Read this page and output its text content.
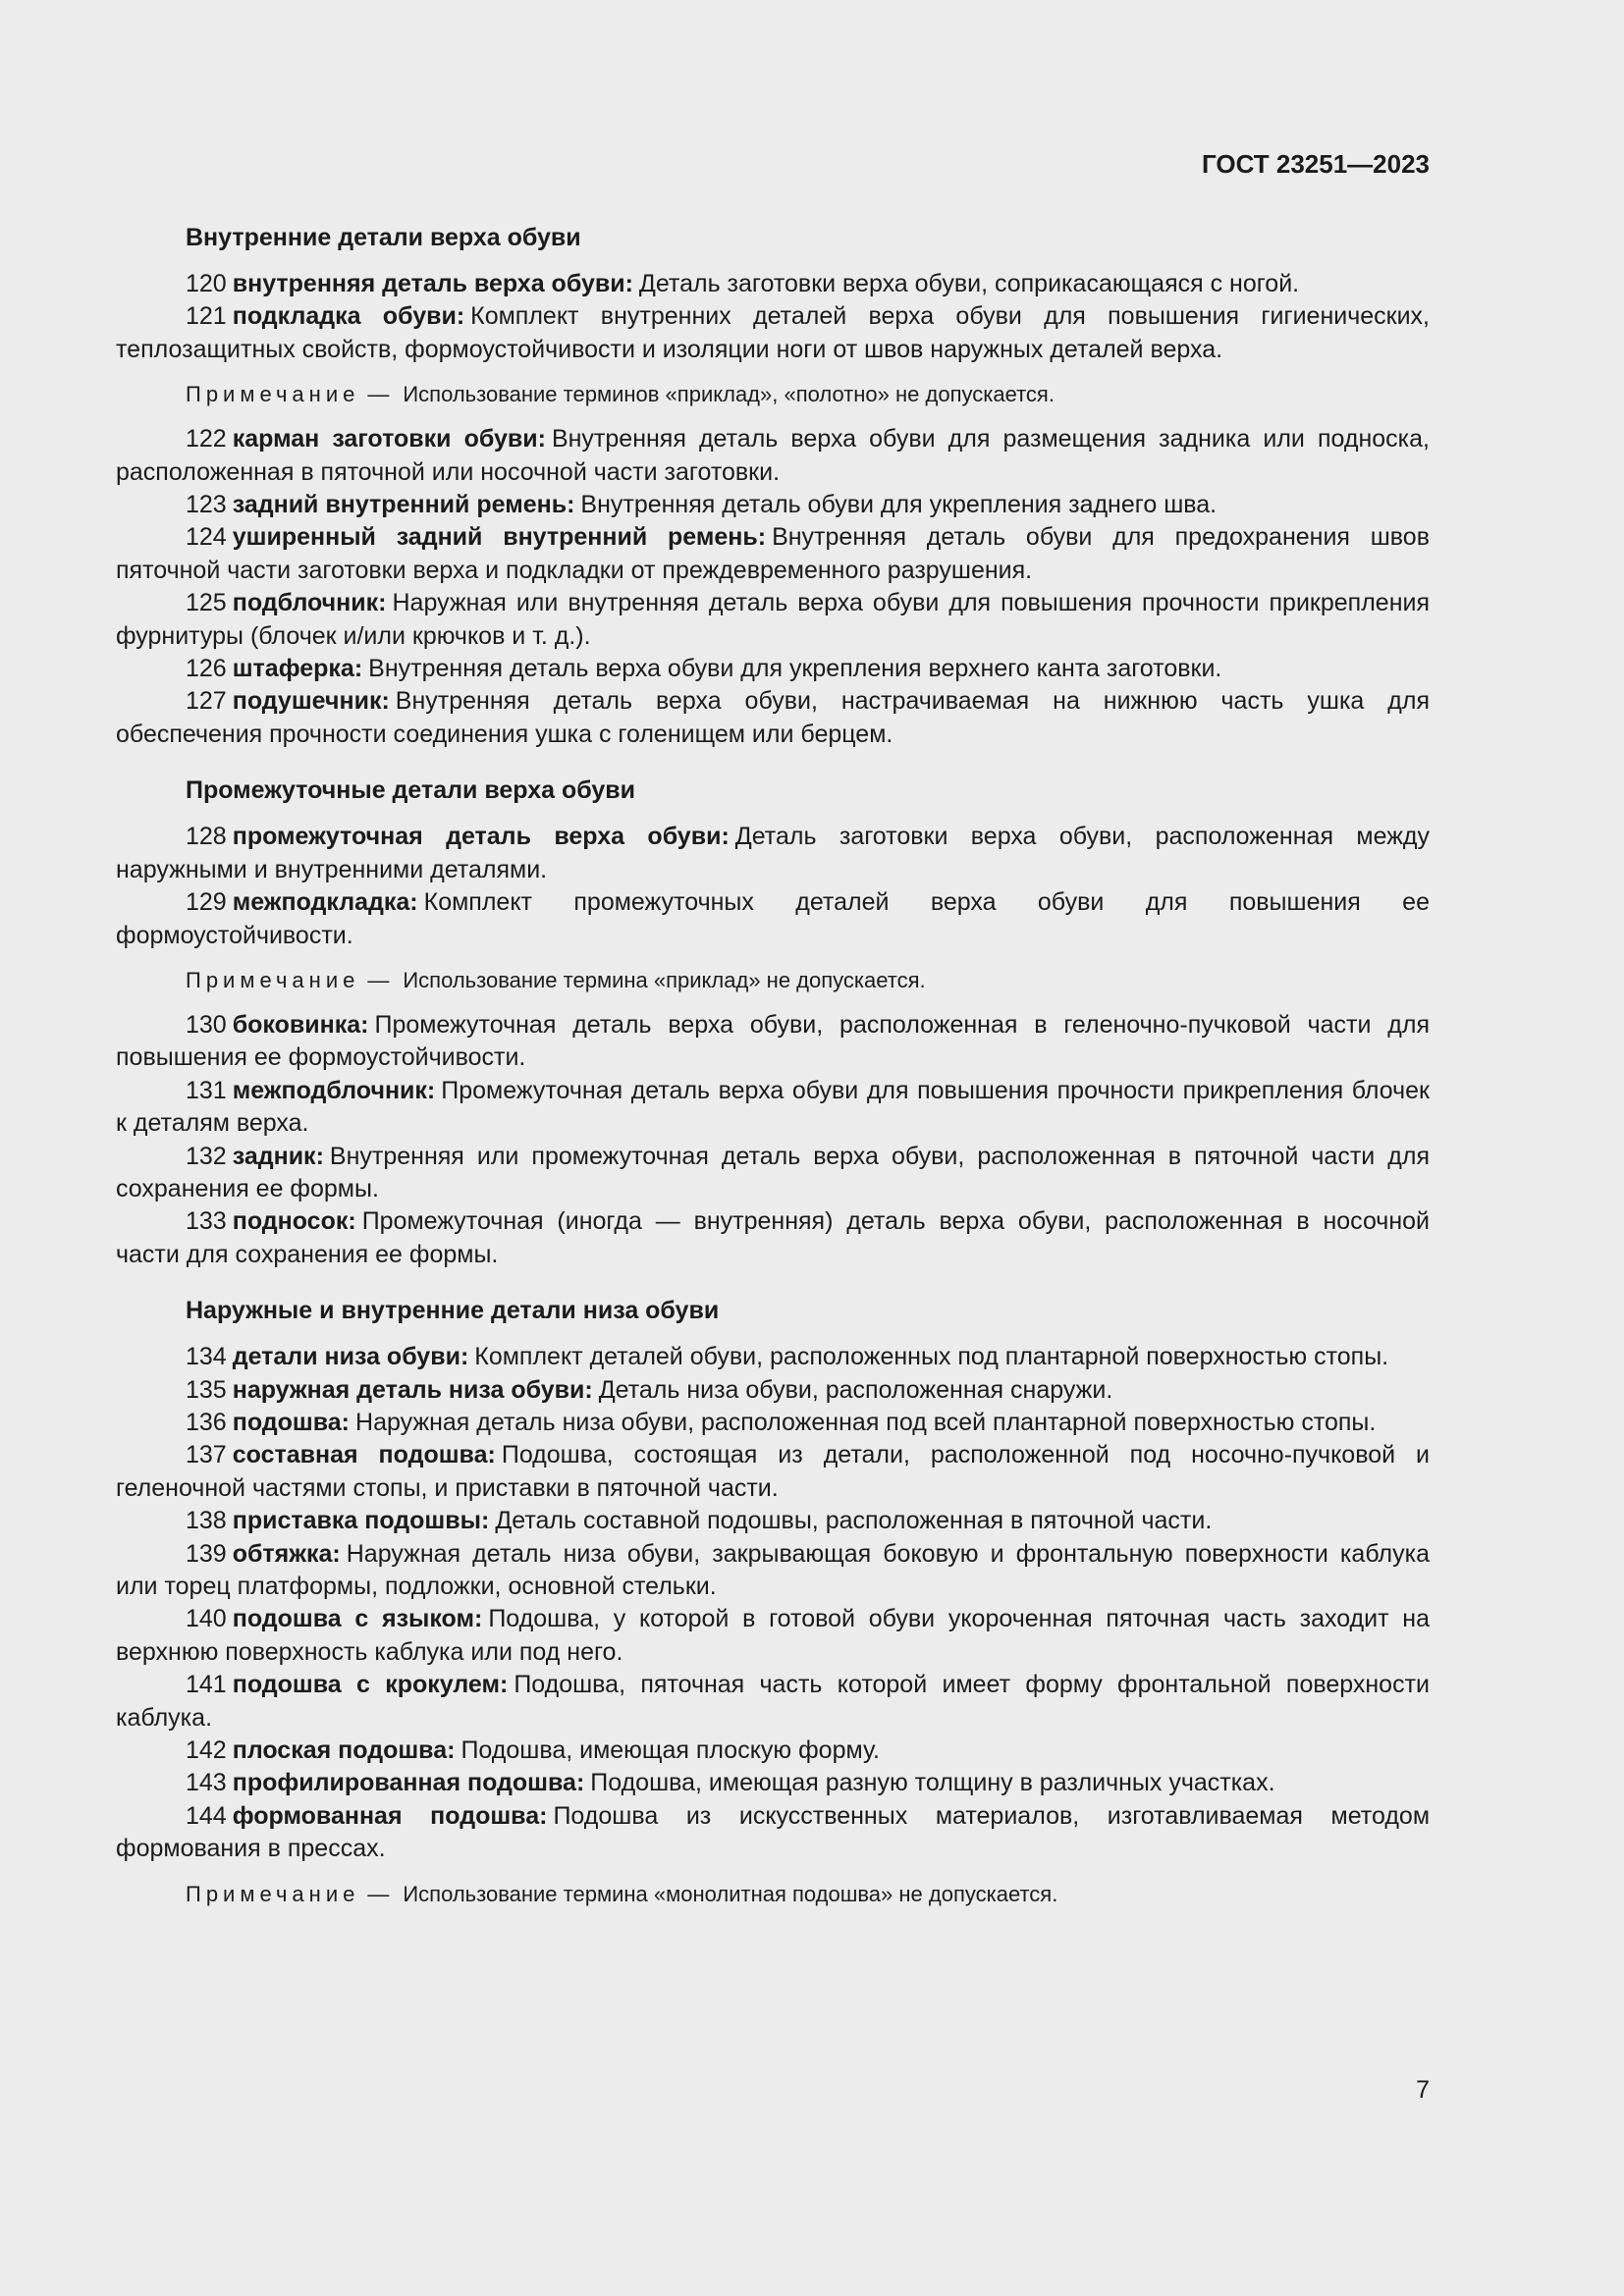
ГОСТ 23251—2023
Внутренние детали верха обуви

120 внутренняя деталь верха обуви: Деталь заготовки верха обуви, соприкасающаяся с ногой.

121 подкладка обуви: Комплект внутренних деталей верха обуви для повышения гигиенических, теплозащитных свойств, формоустойчивости и изоляции ноги от швов наружных деталей верха.

Примечание — Использование терминов «приклад», «полотно» не допускается.

122 карман заготовки обуви: Внутренняя деталь верха обуви для размещения задника или подноска, расположенная в пяточной или носочной части заготовки.

123 задний внутренний ремень: Внутренняя деталь обуви для укрепления заднего шва.

124 уширенный задний внутренний ремень: Внутренняя деталь обуви для предохранения швов пяточной части заготовки верха и подкладки от преждевременного разрушения.

125 подблочник: Наружная или внутренняя деталь верха обуви для повышения прочности прикрепления фурнитуры (блочек и/или крючков и т. д.).

126 штаферка: Внутренняя деталь верха обуви для укрепления верхнего канта заготовки.

127 подушечник: Внутренняя деталь верха обуви, настрачиваемая на нижнюю часть ушка для обеспечения прочности соединения ушка с голенищем или берцем.

Промежуточные детали верха обуви

128 промежуточная деталь верха обуви: Деталь заготовки верха обуви, расположенная между наружными и внутренними деталями.

129 межподкладка: Комплект промежуточных деталей верха обуви для повышения ее формоустойчивости.

Примечание — Использование термина «приклад» не допускается.

130 боковинка: Промежуточная деталь верха обуви, расположенная в геленочно-пучковой части для повышения ее формоустойчивости.

131 межподблочник: Промежуточная деталь верха обуви для повышения прочности прикрепления блочек к деталям верха.

132 задник: Внутренняя или промежуточная деталь верха обуви, расположенная в пяточной части для сохранения ее формы.

133 подносок: Промежуточная (иногда — внутренняя) деталь верха обуви, расположенная в носочной части для сохранения ее формы.

Наружные и внутренние детали низа обуви

134 детали низа обуви: Комплект деталей обуви, расположенных под плантарной поверхностью стопы.

135 наружная деталь низа обуви: Деталь низа обуви, расположенная снаружи.

136 подошва: Наружная деталь низа обуви, расположенная под всей плантарной поверхностью стопы.

137 составная подошва: Подошва, состоящая из детали, расположенной под носочно-пучковой и геленочной частями стопы, и приставки в пяточной части.

138 приставка подошвы: Деталь составной подошвы, расположенная в пяточной части.

139 обтяжка: Наружная деталь низа обуви, закрывающая боковую и фронтальную поверхности каблука или торец платформы, подложки, основной стельки.

140 подошва с языком: Подошва, у которой в готовой обуви укороченная пяточная часть заходит на верхнюю поверхность каблука или под него.

141 подошва с крокулем: Подошва, пяточная часть которой имеет форму фронтальной поверхности каблука.

142 плоская подошва: Подошва, имеющая плоскую форму.

143 профилированная подошва: Подошва, имеющая разную толщину в различных участках.

144 формованная подошва: Подошва из искусственных материалов, изготавливаемая методом формования в прессах.

Примечание — Использование термина «монолитная подошва» не допускается.
7
